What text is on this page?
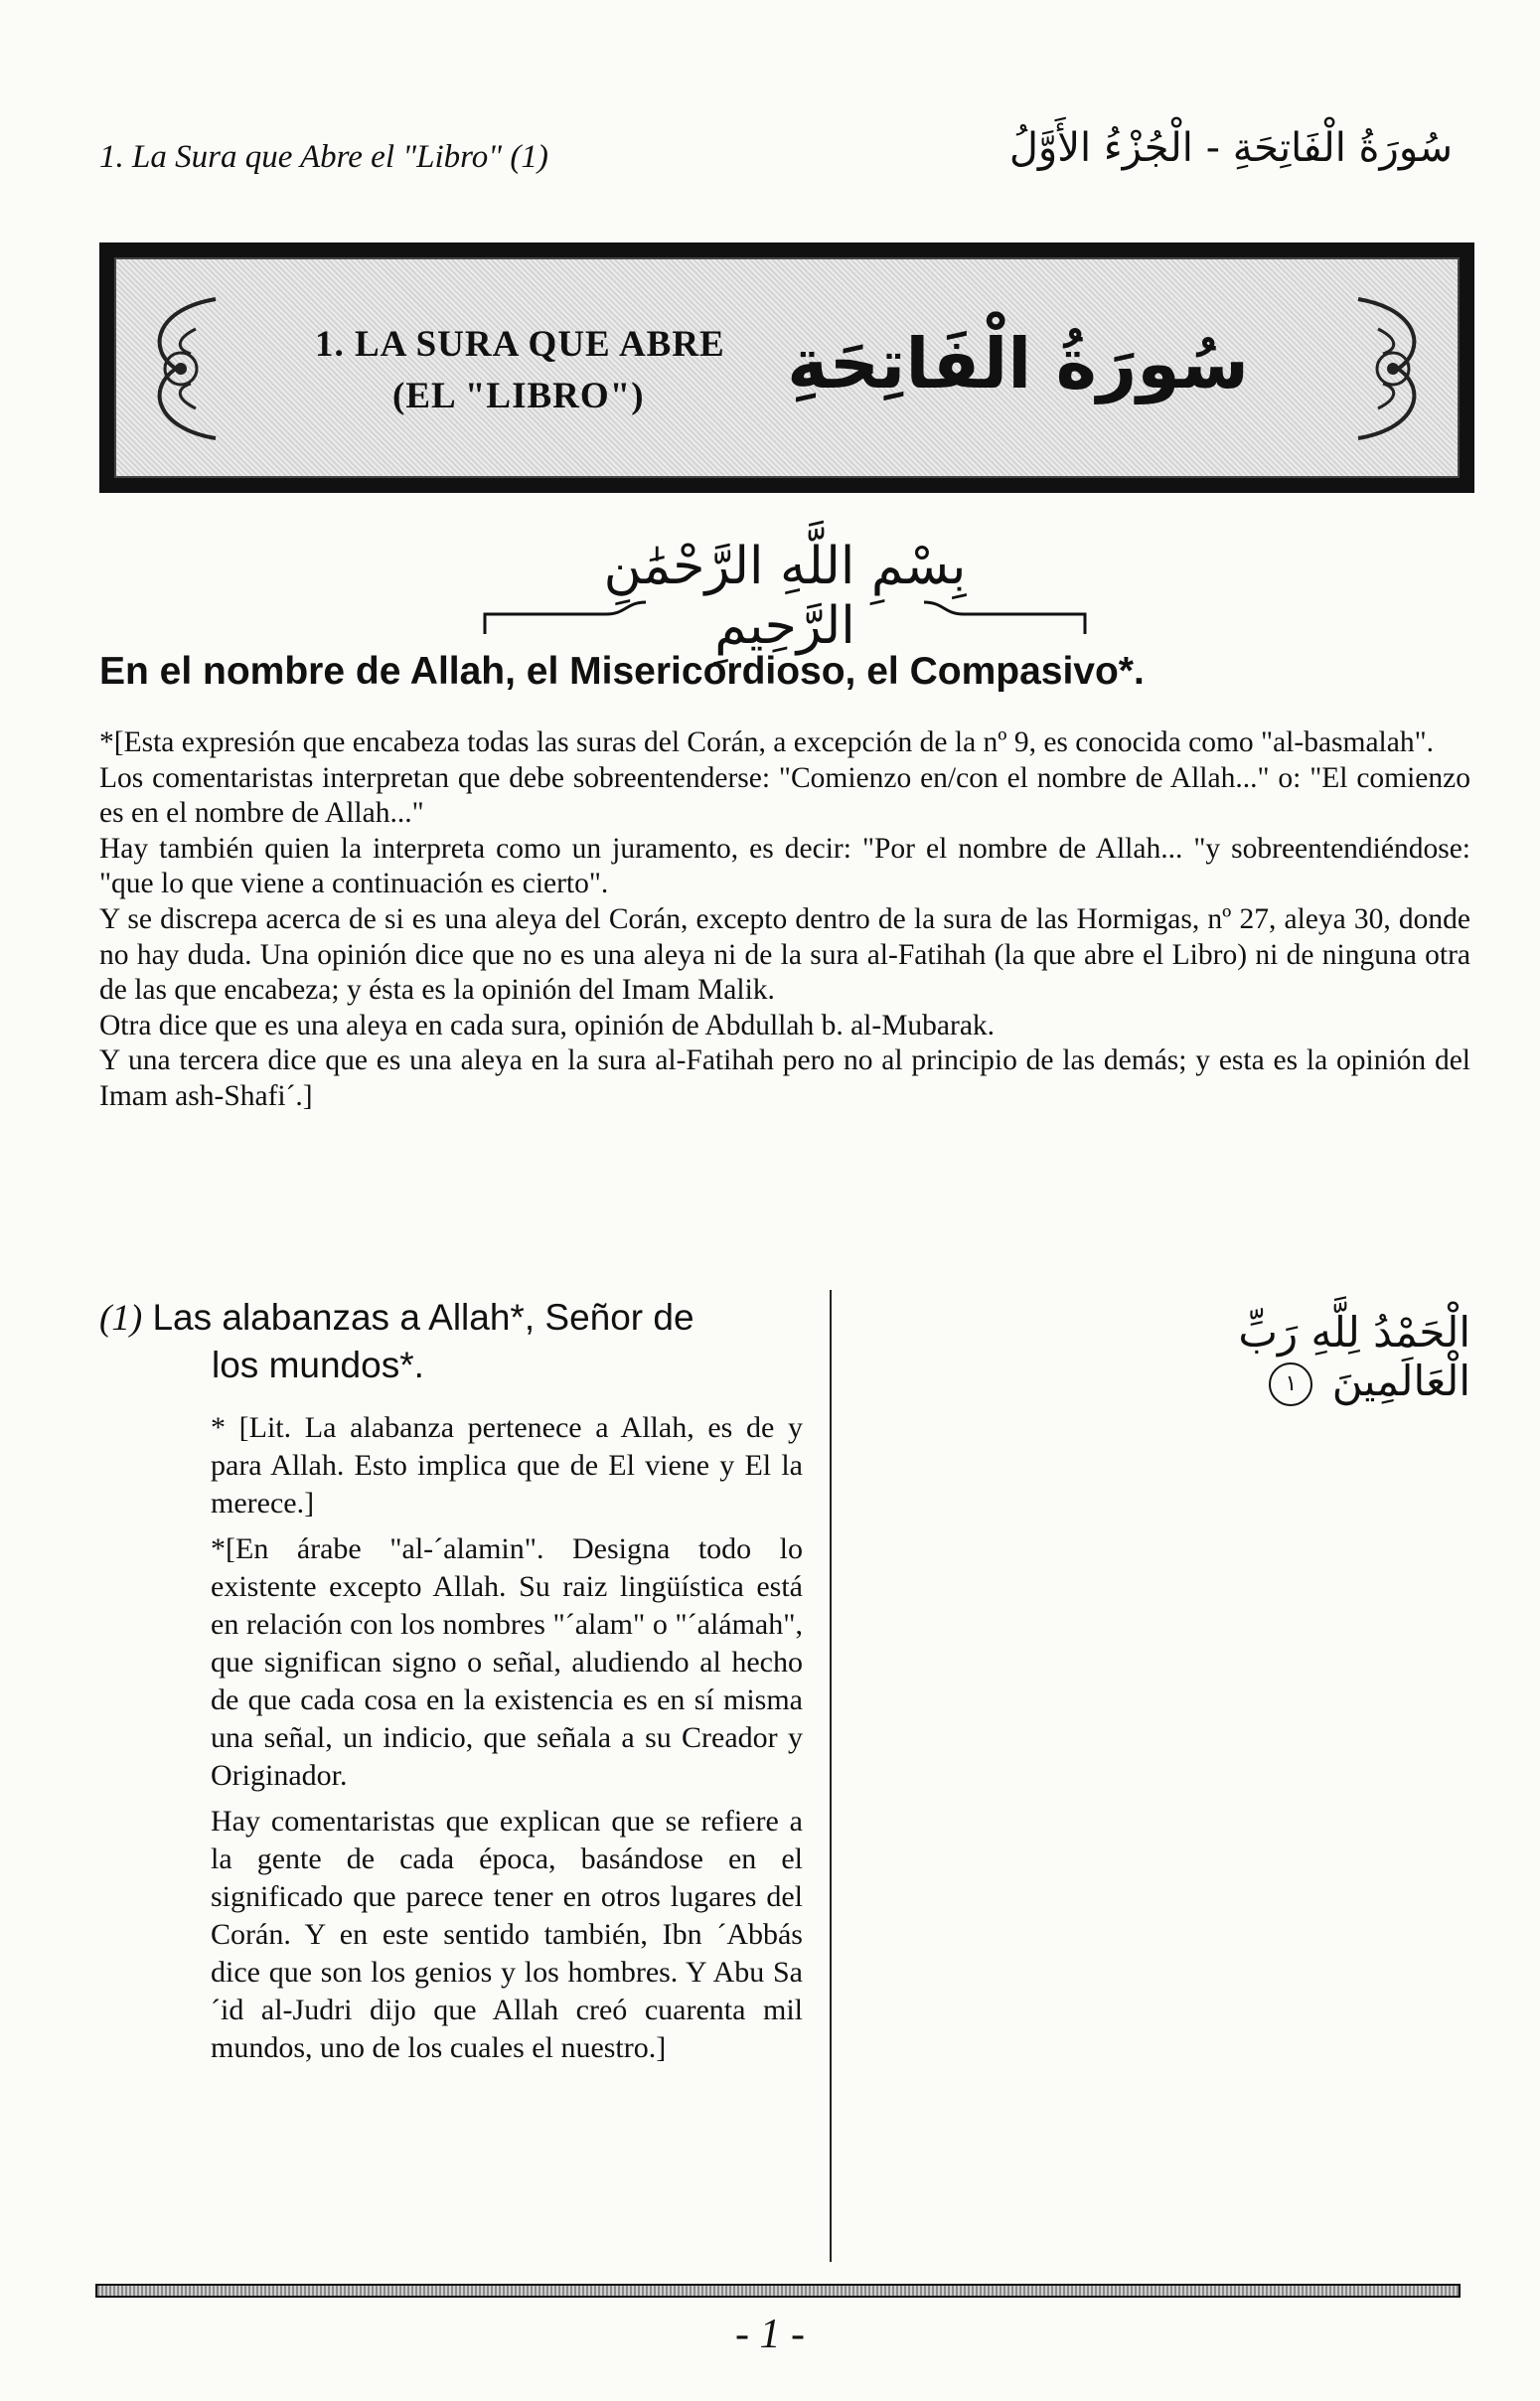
1. La Sura que Abre el "Libro" (1)	سُورَةُ الْفَاتِحَةِ - الْجُزْءُ الأَوَّلُ
1. LA SURA QUE ABRE
(EL "LIBRO")	سُورَةُ الْفَاتِحَةِ
بِسْمِ اللَّهِ الرَّحْمَٰنِ الرَّحِيمِ
En el nombre de Allah, el Misericordioso, el Compasivo*.

*[Esta expresión que encabeza todas las suras del Corán, a excepción de la nº 9, es conocida como "al-basmalah".

Los comentaristas interpretan que debe sobreentenderse: "Comienzo en/con el nombre de Allah..." o: "El comienzo es en el nombre de Allah..."

Hay también quien la interpreta como un juramento, es decir: "Por el nombre de Allah... "y sobreentendiéndose: "que lo que viene a continuación es cierto".

Y se discrepa acerca de si es una aleya del Corán, excepto dentro de la sura de las Hormigas, nº 27, aleya 30, donde no hay duda. Una opinión dice que no es una aleya ni de la sura al-Fatihah (la que abre el Libro) ni de ninguna otra de las que encabeza; y ésta es la opinión del Imam Malik.

Otra dice que es una aleya en cada sura, opinión de Abdullah b. al-Mubarak.

Y una tercera dice que es una aleya en la sura al-Fatihah pero no al principio de las demás; y esta es la opinión del Imam ash-Shafi´.]

(1) Las alabanzas a Allah*, Señor de
los mundos*.

* [Lit. La alabanza pertenece a Allah, es de y para Allah. Esto implica que de El viene y El la merece.]

*[En árabe "al-´alamin". Designa todo lo existente excepto Allah. Su raiz lingüística está en relación con los nombres "´alam" o "´alámah", que significan signo o señal, aludiendo al hecho de que cada cosa en la existencia es en sí misma una señal, un indicio, que señala a su Creador y Originador.

Hay comentaristas que explican que se refiere a la gente de cada época, basándose en el significado que parece tener en otros lugares del Corán. Y en este sentido también, Ibn ´Abbás dice que son los genios y los hombres. Y Abu Sa´id al-Judri dijo que Allah creó cuarenta mil mundos, uno de los cuales el nuestro.]

الْحَمْدُ لِلَّهِ رَبِّ الْعَالَمِينَ ١
- 1 -
